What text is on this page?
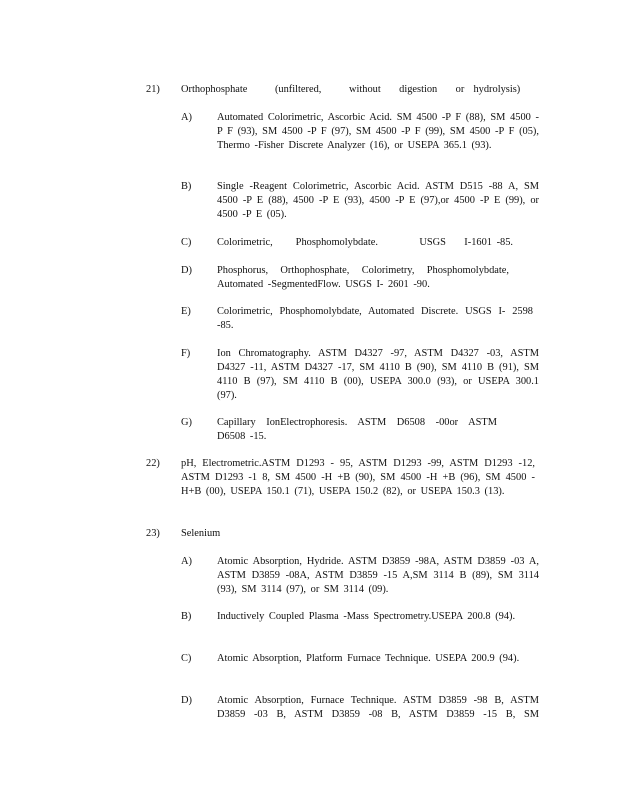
21) Orthophosphate      (unfiltered,      without    digestion    or  hydrolysis)
A) Automated Colorimetric, Ascorbic Acid. SM 4500 -P F (88), SM 4500 -P F (93), SM 4500 -P F (97), SM 4500 -P F (99), SM 4500 -P F (05), Thermo -Fisher Discrete Analyzer (16), or USEPA 365.1 (93).
B) Single -Reagent Colorimetric, Ascorbic Acid. ASTM D515 -88 A, SM 4500 -P E (88), 4500 -P E (93), 4500 -P E (97),or 4500 -P E (99), or 4500 -P E (05).
C) Colorimetric,     Phosphomolybdate.         USGS    I-1601 -85.
D) Phosphorus, Orthophosphate, Colorimetry, Phosphomolybdate, Automated -SegmentedFlow. USGS I- 2601 -90.
E)	Colorimetric, Phosphomolybdate, Automated Discrete. USGS I- 2598 -85.
F)	Ion Chromatography. ASTM D4327 -97, ASTM D4327 -03, ASTM D4327 -11, ASTM D4327 -17, SM 4110 B (90), SM 4110 B (91), SM 4110 B (97), SM 4110 B (00), USEPA 300.0 (93), or USEPA 300.1 (97).
G) Capillary IonElectrophoresis. ASTM D6508 -00or ASTM D6508 -15.
22) pH, Electrometric.ASTM D1293 - 95, ASTM D1293 -99, ASTM D1293 -12, ASTM D1293 -1 8, SM 4500 -H +B (90), SM 4500 -H +B (96), SM 4500 -H+B (00), USEPA 150.1 (71), USEPA 150.2 (82), or USEPA 150.3 (13).
23) Selenium
A) Atomic Absorption, Hydride. ASTM D3859 -98A, ASTM D3859 -03 A, ASTM D3859 -08A, ASTM D3859 -15 A,SM 3114 B (89), SM 3114 (93), SM 3114 (97), or SM 3114 (09).
B) Inductively Coupled Plasma -Mass Spectrometry.USEPA 200.8 (94).
C) Atomic Absorption, Platform Furnace Technique. USEPA 200.9 (94).
D) Atomic Absorption, Furnace Technique. ASTM D3859 -98 B, ASTM D3859 -03 B, ASTM D3859 -08 B, ASTM D3859 -15 B, SM
